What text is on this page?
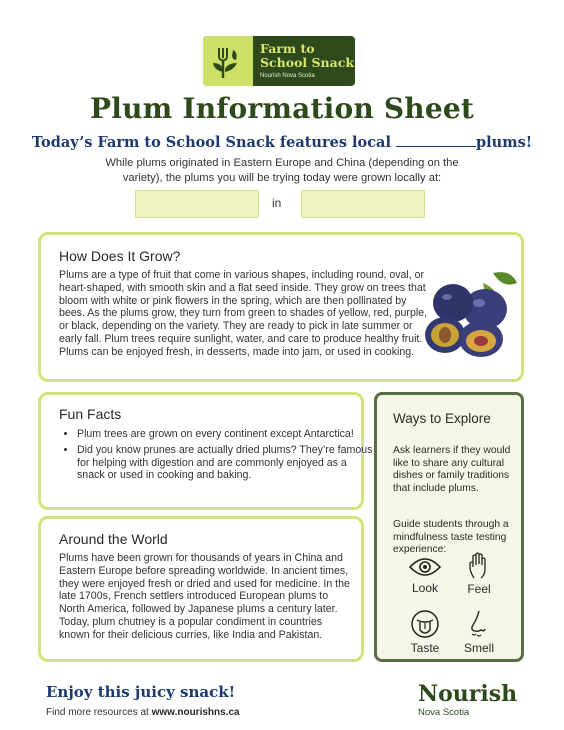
Farm to
School Snack
Nourish Nova Scotia
Plum Information Sheet
Today’s Farm to School Snack features local	plums!
While plums originated in Eastern Europe and China (depending on the variety), the plums you will be trying today were grown locally at:
in
How Does It Grow?

Plums are a type of fruit that come in various shapes, including round, oval, or heart-shaped, with smooth skin and a flat seed inside. They grow on trees that bloom with white or pink flowers in the spring, which are then pollinated by bees. As the plums grow, they turn from green to shades of yellow, red, purple, or black, depending on the variety. They are ready to pick in late summer or early fall. Plum trees require sunlight, water, and care to produce healthy fruit. Plums can be enjoyed fresh, in desserts, made into jam, or used in cooking.

Fun Facts
• Plum trees are grown on every continent except Antarctica!
• Did you know prunes are actually dried plums? They’re famous for helping with digestion and are commonly enjoyed as a snack or used in cooking and baking.
Around the World

Plums have been grown for thousands of years in China and Eastern Europe before spreading worldwide. In ancient times, they were enjoyed fresh or dried and used for medicine. In the late 1700s, French settlers introduced European plums to North America, followed by Japanese plums a century later. Today, plum chutney is a popular condiment in countries known for their delicious curries, like India and Pakistan.

Ways to Explore

Ask learners if they would like to share any cultural dishes or family traditions that include plums.

Guide students through a mindfulness taste testing experience:

Look	Feel
Taste	Smell
Enjoy this juicy snack!
Find more resources at www.nourishns.ca
Nourish
Nova Scotia
